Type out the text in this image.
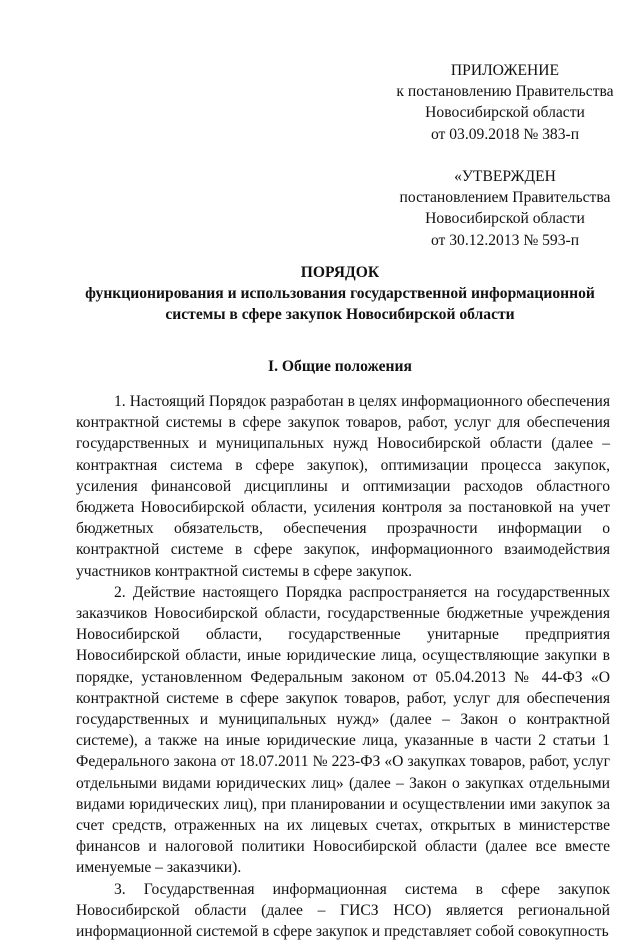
ПРИЛОЖЕНИЕ
к постановлению Правительства
Новосибирской области
от 03.09.2018 № 383-п
«УТВЕРЖДЕН
постановлением Правительства
Новосибирской области
от 30.12.2013 № 593-п
ПОРЯДОК
функционирования и использования государственной информационной
системы в сфере закупок Новосибирской области
I. Общие положения

1. Настоящий Порядок разработан в целях информационного обеспечения контрактной системы в сфере закупок товаров, работ, услуг для обеспечения государственных и муниципальных нужд Новосибирской области (далее – контрактная система в сфере закупок), оптимизации процесса закупок, усиления финансовой дисциплины и оптимизации расходов областного бюджета Новосибирской области, усиления контроля за постановкой на учет бюджетных обязательств, обеспечения прозрачности информации о контрактной системе в сфере закупок, информационного взаимодействия участников контрактной системы в сфере закупок.

2. Действие настоящего Порядка распространяется на государственных заказчиков Новосибирской области, государственные бюджетные учреждения Новосибирской области, государственные унитарные предприятия Новосибирской области, иные юридические лица, осуществляющие закупки в порядке, установленном Федеральным законом от 05.04.2013 № 44-ФЗ «О контрактной системе в сфере закупок товаров, работ, услуг для обеспечения государственных и муниципальных нужд» (далее – Закон о контрактной системе), а также на иные юридические лица, указанные в части 2 статьи 1 Федерального закона от 18.07.2011 № 223-ФЗ «О закупках товаров, работ, услуг отдельными видами юридических лиц» (далее – Закон о закупках отдельными видами юридических лиц), при планировании и осуществлении ими закупок за счет средств, отраженных на их лицевых счетах, открытых в министерстве финансов и налоговой политики Новосибирской области (далее все вместе именуемые – заказчики).

3. Государственная информационная система в сфере закупок Новосибирской области (далее – ГИСЗ НСО) является региональной информационной системой в сфере закупок и представляет собой совокупность
